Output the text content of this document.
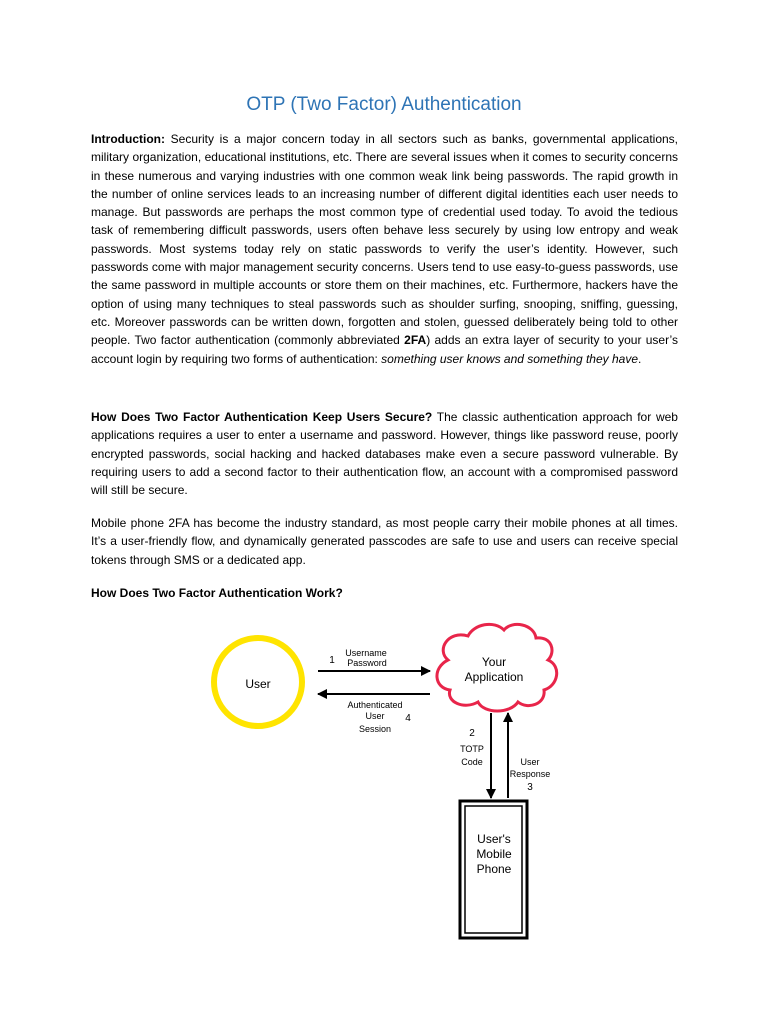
OTP (Two Factor) Authentication

Introduction: Security is a major concern today in all sectors such as banks, governmental applications, military organization, educational institutions, etc. There are several issues when it comes to security concerns in these numerous and varying industries with one common weak link being passwords. The rapid growth in the number of online services leads to an increasing number of different digital identities each user needs to manage. But passwords are perhaps the most common type of credential used today. To avoid the tedious task of remembering difficult passwords, users often behave less securely by using low entropy and weak passwords. Most systems today rely on static passwords to verify the user’s identity. However, such passwords come with major management security concerns. Users tend to use easy-to-guess passwords, use the same password in multiple accounts or store them on their machines, etc. Furthermore, hackers have the option of using many techniques to steal passwords such as shoulder surfing, snooping, sniffing, guessing, etc. Moreover passwords can be written down, forgotten and stolen, guessed deliberately being told to other people. Two factor authentication (commonly abbreviated 2FA) adds an extra layer of security to your user’s account login by requiring two forms of authentication: something user knows and something they have.

How Does Two Factor Authentication Keep Users Secure? The classic authentication approach for web applications requires a user to enter a username and password. However, things like password reuse, poorly encrypted passwords, social hacking and hacked databases make even a secure password vulnerable. By requiring users to add a second factor to their authentication flow, an account with a compromised password will still be secure.

Mobile phone 2FA has become the industry standard, as most people carry their mobile phones at all times. It’s a user-friendly flow, and dynamically generated passcodes are safe to use and users can receive special tokens through SMS or a dedicated app.

How Does Two Factor Authentication Work?

User
Your
Application
1
Username
Password
Authenticated
User
Session
4
2
TOTP
Code	User
Response
3
User's
Mobile
Phone
